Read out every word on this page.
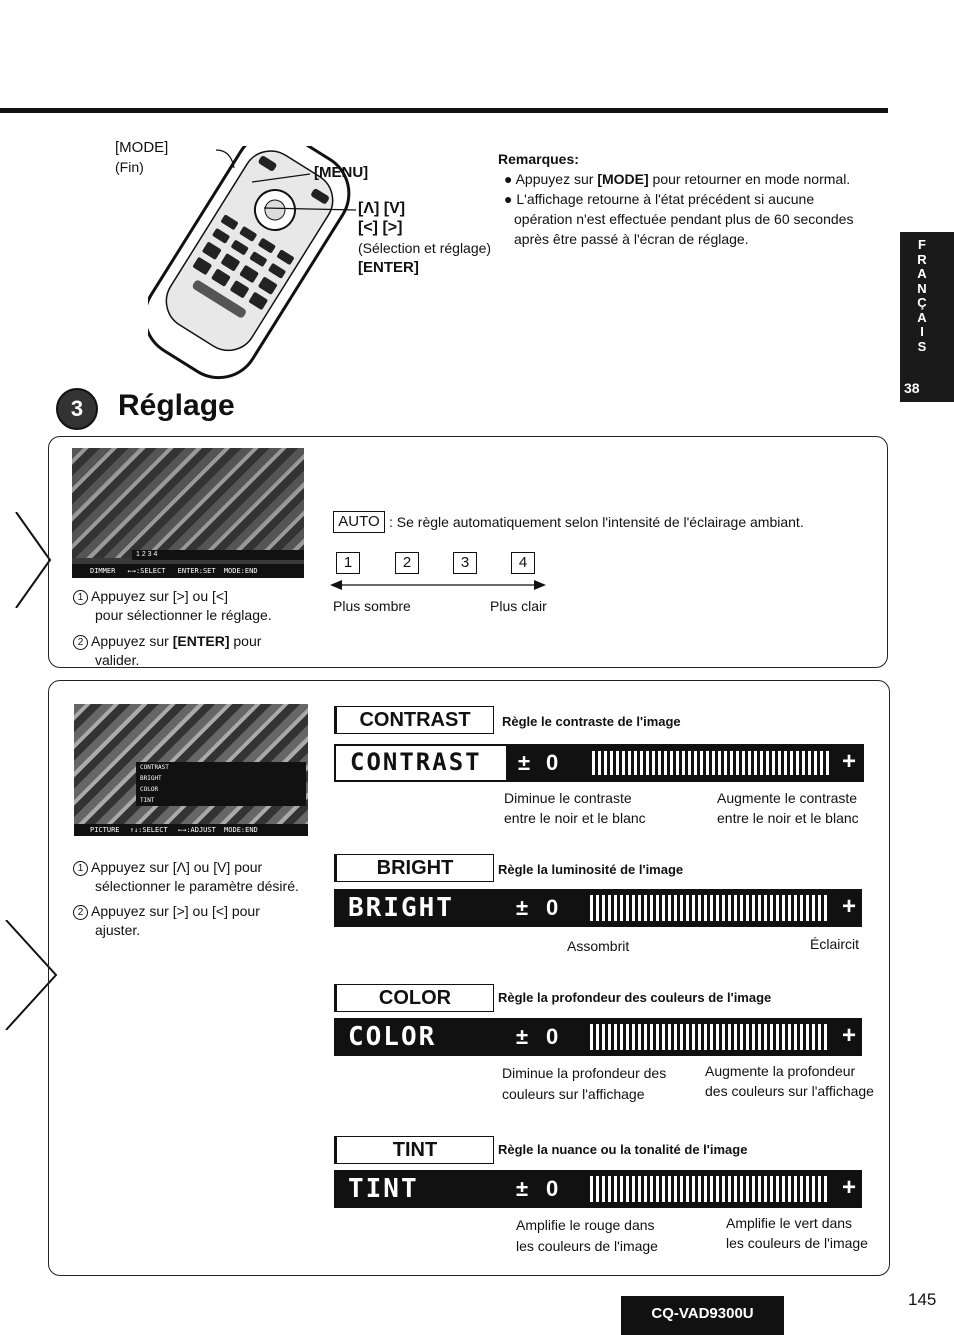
[MODE]
(Fin)	[MENU]
[Λ] [V]
[<] [>]
(Sélection et réglage)
[ENTER]
Remarques:
● Appuyez sur [MODE] pour retourner en mode normal.
● L'affichage retourne à l'état précédent si aucune
opération n'est effectuée pendant plus de 60 secondes
après être passé à l'écran de réglage.	F
R
A
N
Ç
A
I
S
38
3	Réglage
1 2 3 4
DIMMER ←→:SELECT ENTER:SET MODE:END
1 Appuyez sur [>] ou [<]
pour sélectionner le réglage.
2 Appuyez sur [ENTER] pour
valider.
AUTO : Se règle automatiquement selon l'intensité de l'éclairage ambiant.
1	2	3	4
Plus sombre	Plus clair
CONTRAST
BRIGHT
COLOR
TINT
PICTURE ↑↓:SELECT ←→:ADJUST MODE:END
1 Appuyez sur [Λ] ou [V] pour
sélectionner le paramètre désiré.
2 Appuyez sur [>] ou [<] pour
ajuster.
CONTRAST	Règle le contraste de l'image
CONTRAST ± 0	+
Diminue le contraste
entre le noir et le blanc
Augmente le contraste
entre le noir et le blanc
BRIGHT	Règle la luminosité de l'image
BRIGHT	± 0	+
Assombrit	Éclaircit
COLOR	Règle la profondeur des couleurs de l'image
COLOR	± 0	+
Diminue la profondeur des
couleurs sur l'affichage
Augmente la profondeur
des couleurs sur l'affichage
TINT	Règle la nuance ou la tonalité de l'image
TINT	± 0	+
Amplifie le rouge dans
les couleurs de l'image
Amplifie le vert dans
les couleurs de l'image
CQ-VAD9300U
145
